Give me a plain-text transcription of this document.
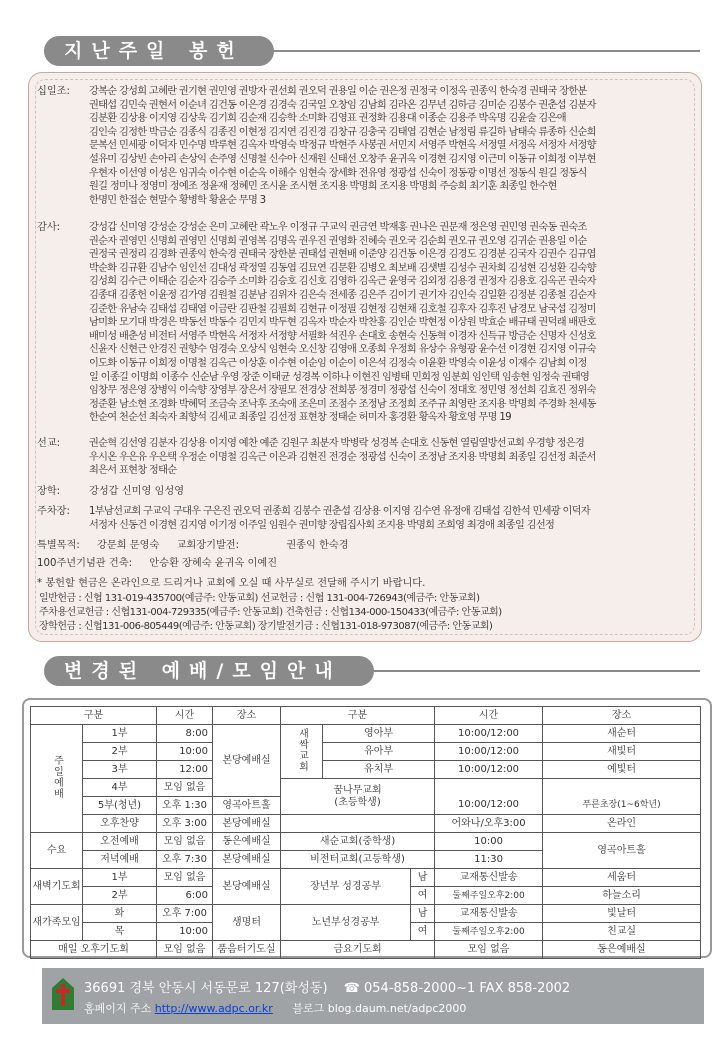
지난주일 봉헌
십일조:	강복순 강성희 고혜란 권기현 권민영 권방자 권선희 권오덕 권용일 이순 권은정 권정국 이정옥 권종익 한숙경 권태국 장한분
권태섭 김민숙 권현서 이순녀 김건동 이은경 김경숙 김국일 오창임 김남희 김라온 김무년 김하금 김미순 김봉수 권춘섭 김분자
김분환 김상용 이지영 김상욱 김기희 김순재 김승학 소미화 김영표 권정화 김용대 이종순 김용주 박옥명 김윤술 김은애
김인숙 김정한 박금순 김종식 김종진 이현정 김지연 김진경 김창규 김충국 김태엽 김현순 남정림 류길하 남태숙 류종하 신순희
문복선 민세광 이덕자 민수명 박루현 김옥자 박영숙 박정규 박현주 사봉권 서민지 서영주 박현옥 서정열 서정옥 서정자 서정향
설유미 김상빈 손아리 손상익 손주영 신명철 신수아 신재원 신태선 오창주 윤귀옥 이경현 김지영 이근미 이동규 이희정 이부현
우현자 이선영 이성은 임귀숙 이수현 이순옥 이해수 임현숙 장세화 전유영 정광섭 신숙이 정동광 이명선 정동식 원길 정동식
원길 정미나 정영미 정예조 정윤재 정혜민 조시윤 조시현 조지용 박명희 조지용 박명희 주승희 최기훈 최종일 한수현
한명민 한접순 현말수 황병학 황윤순 무명 3
감사:	강성갑 신미영 강성순 강성순 은미 고혜란 곽노우 이정규 구교익 권금연 박재홍 권나은 권문재 정은영 권민영 권숙동 권숙조
권순자 권영민 신명희 권영민 신명희 권영복 김명옥 권우진 권영화 진혜숙 권오국 김순희 권오규 권오영 김귀순 권용일 이순
권정국 권정리 김경화 권종익 한숙경 권태국 장한분 권태섭 권현배 이준양 김건동 이은경 김경도 김경분 김국자 김권수 김규엽
박순화 김규환 김남수 임인선 김대성 곽정열 김동엽 김묘연 김문환 김병오 최보배 김샛별 김성수 권차희 김성현 김성환 김숙향
김성희 김수근 이태순 김순자 김승주 소미화 김승호 김신호 김영하 김옥근 윤영국 김외정 김용경 권정자 김용호 김옥곤 권숙자
김종대 김종헌 이윤정 김가영 김원철 김분남 김위자 김은숙 전세종 김은주 김이기 권기자 김인숙 김일환 김정분 김종철 김순자
김준한 유남숙 김태섭 김태엽 이금란 김판철 김필희 김현규 이정필 김현정 김현채 김호철 김후자 김후진 남경모 남국섭 김정미
남미화 모기대 박경은 박동선 박동수 김민지 박두현 김옥자 박순자 박찬홍 김인순 박현정 이상원 박효순 배규태 권덕래 배판호
배미성 배춘성 비전터 서영주 박현옥 서정자 서정향 서필화 석진우 손대호 송현숙 신동혁 이경자 신득규 방금순 신명자 신성호
신윤자 신현근 안경진 권향수 엄경숙 오상식 임현숙 오신창 김영애 오종희 우정희 유상수 유형광 윤수선 이경현 김지영 이규숙
이도화 이동규 이희정 이명철 김옥근 이상훈 이수현 이순임 이순이 이은석 김정숙 이윤환 박영숙 이윤성 이재수 김남희 이정
일 이종길 이명희 이종수 신순남 우영 장준 이태균 성경복 이하나 이현진 임병태 민희정 임분희 임인택 임송현 임정숙 권태영
임창무 정은영 장병익 이숙향 장영부 장은서 장필모 전경상 전희봉 정경미 정광섭 신숙이 정대호 정민영 정선희 김효진 정위숙
정준환 남소현 조경화 박혜덕 조금숙 조낙후 조숙애 조은미 조점수 조정남 조정희 조주규 최영란 조지용 박명희 주경화 천세동
한순여 천순선 최숙자 최향석 김세교 최종일 김선정 표현창 정태순 허미자 홍경환 황옥자 황호영 무명 19
선교:	권순혁 김선영 김분자 김상용 이지영 예찬 예준 김원구 최분자 박병락 성경복 손대호 신동현 열림열방선교회 우경향 정은경
우시온 우은유 우은택 우정순 이명철 김옥근 이은과 김현진 전경순 정광섭 신숙이 조정남 조지용 박명희 최종일 김선정 최준서
최은서 표현창 정태순
장학:	강성갑 신미영 임성영
주차장:	1부남선교회 구교익 구대우 구은진 권오덕 권종희 김봉수 권춘섭 김상용 이지영 김수연 유정애 김태섭 김한석 민세광 이덕자
서정자 신동건 이경현 김지영 이기정 이주일 임원수 권미향 장립집사회 조지용 박명희 조희영 최경애 최종일 김선정
특별목적: 강문희 문영숙 교회장기발전:	권종익 한숙경
100주년기념관 건축: 안승환 장혜숙 윤귀옥 이예진
* 봉헌할 현금은 온라인으로 드리거나 교회에 오실 때 사무실로 전달해 주시기 바랍니다.
일반헌금 : 신협 131-019-435700(예금주: 안동교회) 선교헌금 : 신협 131-004-726943(예금주: 안동교회)
주차용선교헌금 : 신협131-004-729335(예금주: 안동교회) 건축헌금 : 신협134-000-150433(예금주: 안동교회)
장학헌금 : 신협131-006-805449(예금주: 안동교회) 장기발전기금 : 신협131-018-973087(예금주: 안동교회)
변경된 예배/모임안내
구분		시간	장소	구분			시간	장소
주일예배	1부	8:00	본당예배실	새싹교회	영아부		10:00/12:00	새순터
	2부	10:00			유아부		10:00/12:00	새빛터
	3부	12:00			유치부		10:00/12:00	예빛터
	4부	모임 없음		꿈나무교회
(초등학생)				
	5부(청년)	오후 1:30	영곡아트홀				10:00/12:00	푸른초장(1~6학년)
	오후찬양	오후 3:00	본당예배실				어와나/오후3:00	온라인
수요	오전예배	모임 없음	동은예배실	새순교회(중학생)			10:00	영곡아트홀
	저녁예배	오후 7:30	본당예배실	비전터교회(고등학생)			11:30	
새벽기도회	1부	모임 없음	본당예배실	장년부 성경공부		남	교재통신발송	세움터
	2부	6:00				여	둘째주일오후2:00	하늘소리
새가족모임	화	오후 7:00	생명터	노년부성경공부		남	교재통신발송	빛날터
	목	10:00				여	둘째주일오후2:00	친교실
매일 오후기도회		모임 없음	품음터기도실	금요기도회			모임 없음	동은예배실
36691 경북 안동시 서동문로 127(화성동) ☎ 054-858-2000~1 FAX 858-2002
홈페이지 주소 http://www.adpc.or.kr 블로그 blog.daum.net/adpc2000
